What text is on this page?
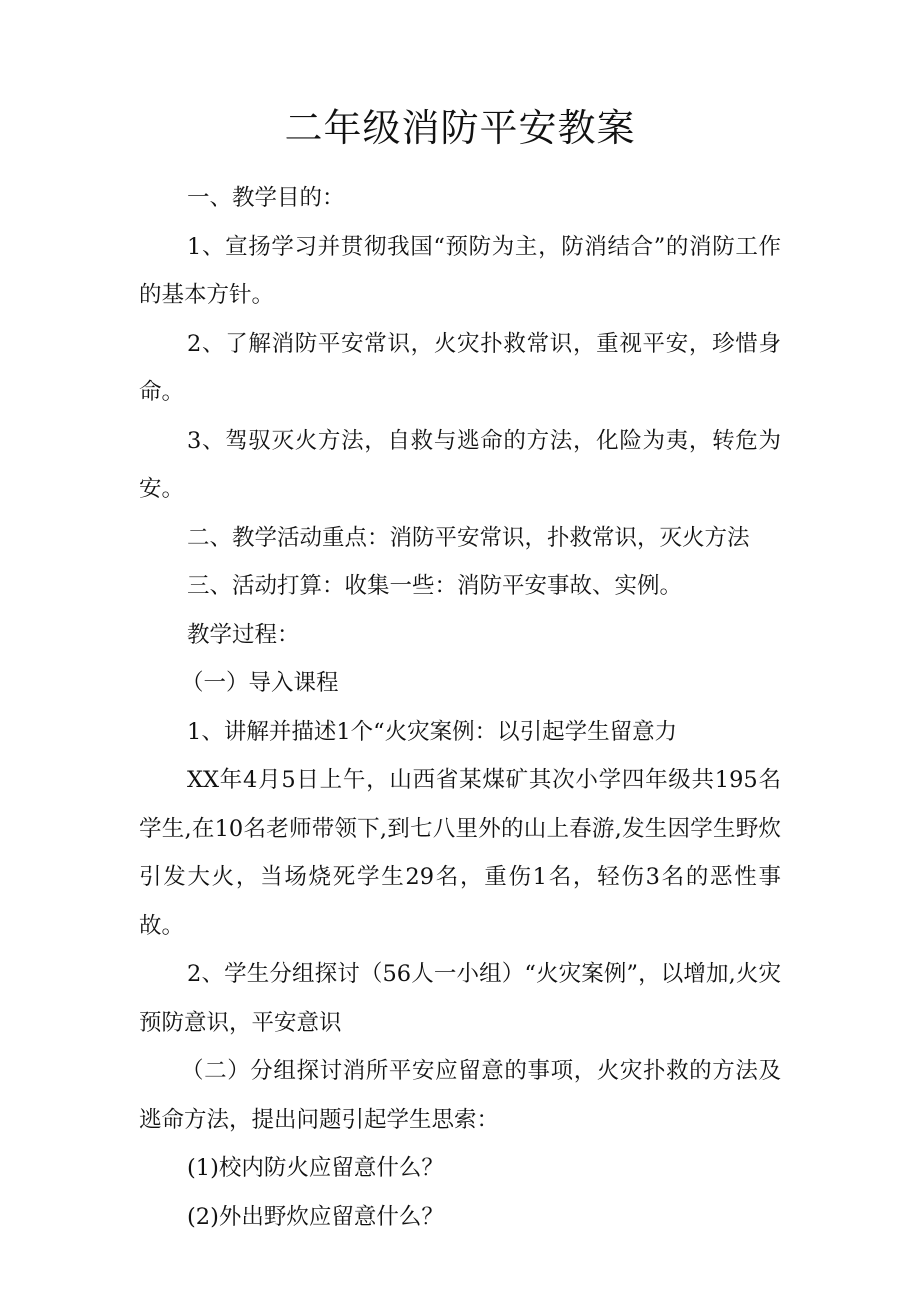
二年级消防平安教案

一、教学目的：

1、宣扬学习并贯彻我国“预防为主，防消结合”的消防工作的基本方针。

2、了解消防平安常识，火灾扑救常识，重视平安，珍惜身命。

3、驾驭灭火方法，自救与逃命的方法，化险为夷，转危为安。

二、教学活动重点：消防平安常识，扑救常识，灭火方法

三、活动打算：收集一些：消防平安事故、实例。

教学过程：

（一）导入课程

1、讲解并描述1个“火灾案例：以引起学生留意力

XX年4月5日上午，山西省某煤矿其次小学四年级共195名学生,在10名老师带领下,到七八里外的山上春游,发生因学生野炊引发大火，当场烧死学生29名，重伤1名，轻伤3名的恶性事故。

2、学生分组探讨（56人一小组）“火灾案例”，以增加,火灾预防意识，平安意识

（二）分组探讨消所平安应留意的事项，火灾扑救的方法及逃命方法，提出问题引起学生思索：

(1)校内防火应留意什么？

(2)外出野炊应留意什么？
